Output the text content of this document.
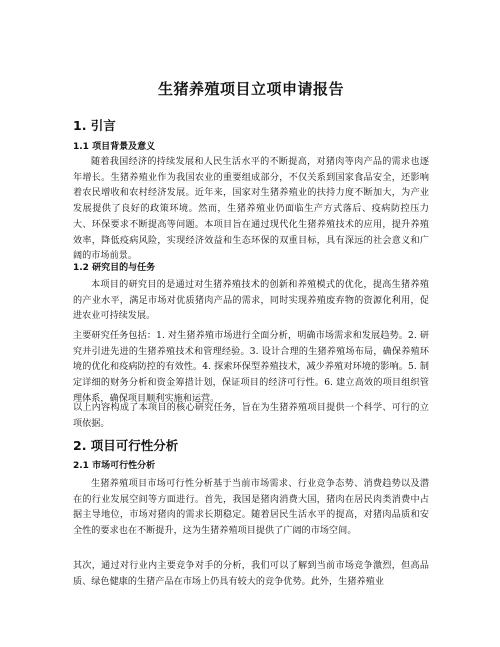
生猪养殖项目立项申请报告
1. 引言
1.1 项目背景及意义
随着我国经济的持续发展和人民生活水平的不断提高，对猪肉等肉产品的需求也逐年增长。生猪养殖业作为我国农业的重要组成部分，不仅关系到国家食品安全，还影响着农民增收和农村经济发展。近年来，国家对生猪养殖业的扶持力度不断加大，为产业发展提供了良好的政策环境。然而，生猪养殖业仍面临生产方式落后、疫病防控压力大、环保要求不断提高等问题。本项目旨在通过现代化生猪养殖技术的应用，提升养殖效率，降低疫病风险，实现经济效益和生态环保的双重目标，具有深远的社会意义和广阔的市场前景。
1.2 研究目的与任务
本项目的研究目的是通过对生猪养殖技术的创新和养殖模式的优化，提高生猪养殖的产业水平，满足市场对优质猪肉产品的需求，同时实现养殖废弃物的资源化利用，促进农业可持续发展。
主要研究任务包括：1. 对生猪养殖市场进行全面分析，明确市场需求和发展趋势。2. 研究并引进先进的生猪养殖技术和管理经验。3. 设计合理的生猪养殖场布局，确保养殖环境的优化和疫病防控的有效性。4. 探索环保型养殖技术，减少养殖对环境的影响。5. 制定详细的财务分析和资金筹措计划，保证项目的经济可行性。6. 建立高效的项目组织管理体系，确保项目顺利实施和运营。
以上内容构成了本项目的核心研究任务，旨在为生猪养殖项目提供一个科学、可行的立项依据。
2. 项目可行性分析
2.1 市场可行性分析
生猪养殖项目市场可行性分析基于当前市场需求、行业竞争态势、消费趋势以及潜在的行业发展空间等方面进行。首先，我国是猪肉消费大国，猪肉在居民肉类消费中占据主导地位，市场对猪肉的需求长期稳定。随着居民生活水平的提高，对猪肉品质和安全性的要求也在不断提升，这为生猪养殖项目提供了广阔的市场空间。
其次，通过对行业内主要竞争对手的分析，我们可以了解到当前市场竞争激烈，但高品质、绿色健康的生猪产品在市场上仍具有较大的竞争优势。此外，生猪养殖业
